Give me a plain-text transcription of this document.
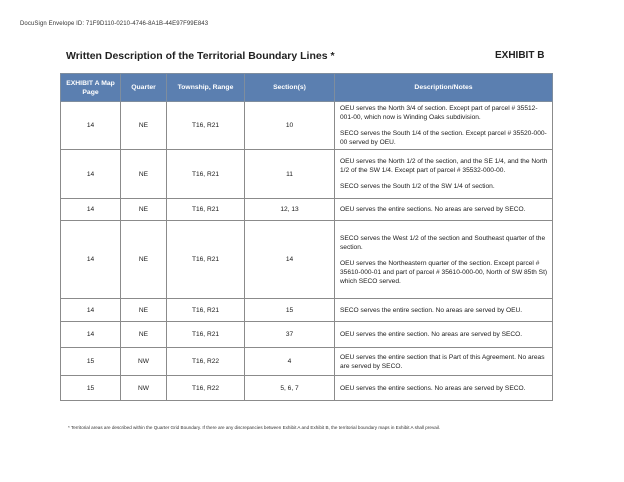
DocuSign Envelope ID: 71F9D110-0210-4746-8A1B-44E97F99E843
Written Description of the Territorial Boundary Lines *	EXHIBIT B
EXHIBIT A Map Page	Quarter	Township, Range	Section(s)	Description/Notes
14	NE	T16, R21	10	OEU serves the North 3/4 of section. Except part of parcel # 35512-001-00, which now is Winding Oaks subdivision.

SECO serves the South 1/4 of the section. Except parcel # 35520-000-00 served by OEU.

14	NE	T16, R21	11	OEU serves the North 1/2 of the section, and the SE 1/4, and the North 1/2 of the SW 1/4. Except part of parcel # 35532-000-00.

SECO serves the South 1/2 of the SW 1/4 of section.

14	NE	T16, R21	12, 13	OEU serves the entire sections. No areas are served by SECO.

14	NE	T16, R21	14	SECO serves the West 1/2 of the section and Southeast quarter of the section.

OEU serves the Northeastern quarter of the section. Except parcel # 35610-000-01 and part of parcel # 35610-000-00, North of SW 85th St) which SECO served.

14	NE	T16, R21	15	SECO serves the entire section. No areas are served by OEU.

14	NE	T16, R21	37	OEU serves the entire section. No areas are served by SECO.

15	NW	T16, R22	4	OEU serves the entire section that is Part of this Agreement. No areas are served by SECO.

15	NW	T16, R22	5, 6, 7	OEU serves the entire sections. No areas are served by SECO.

* Territorial areas are described within the Quarter Grid Boundary. If there are any discrepancies between Exhibit A and Exhibit B, the territorial boundary maps in Exhibit A shall prevail.
